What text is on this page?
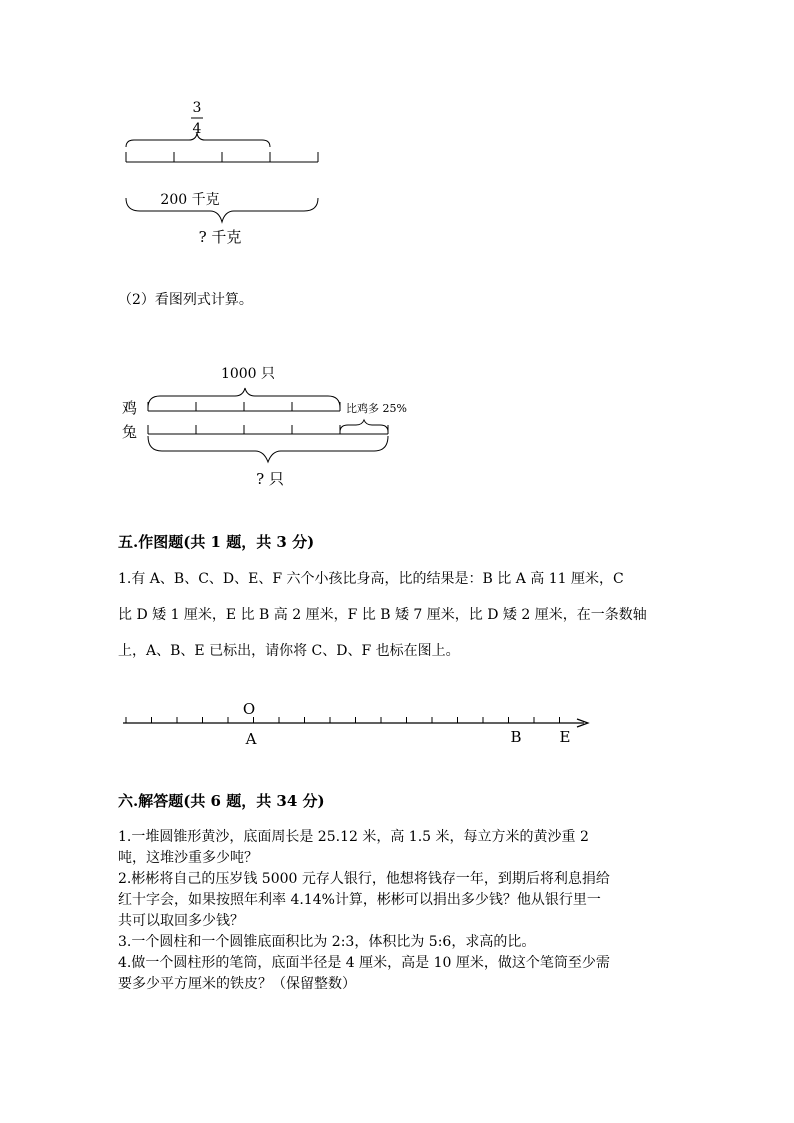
3
4
200 千克
? 千克
（2）看图列式计算。
1000 只
鸡	比鸡多 25%
兔
? 只
五.作图题(共 1 题，共 3 分)
1.有 A、B、C、D、E、F 六个小孩比身高，比的结果是：B 比 A 高 11 厘米，C
比 D 矮 1 厘米，E 比 B 高 2 厘米，F 比 B 矮 7 厘米，比 D 矮 2 厘米，在一条数轴
上，A、B、E 已标出，请你将 C、D、F 也标在图上。
O
A	B	E
六.解答题(共 6 题，共 34 分)
1.一堆圆锥形黄沙，底面周长是 25.12 米，高 1.5 米，每立方米的黄沙重 2
吨，这堆沙重多少吨？
2.彬彬将自己的压岁钱 5000 元存人银行，他想将钱存一年，到期后将利息捐给
红十字会，如果按照年利率 4.14%计算，彬彬可以捐出多少钱？他从银行里一
共可以取回多少钱？
3.一个圆柱和一个圆锥底面积比为 2:3，体积比为 5:6，求高的比。
4.做一个圆柱形的笔筒，底面半径是 4 厘米，高是 10 厘米，做这个笔筒至少需
要多少平方厘米的铁皮？（保留整数）
